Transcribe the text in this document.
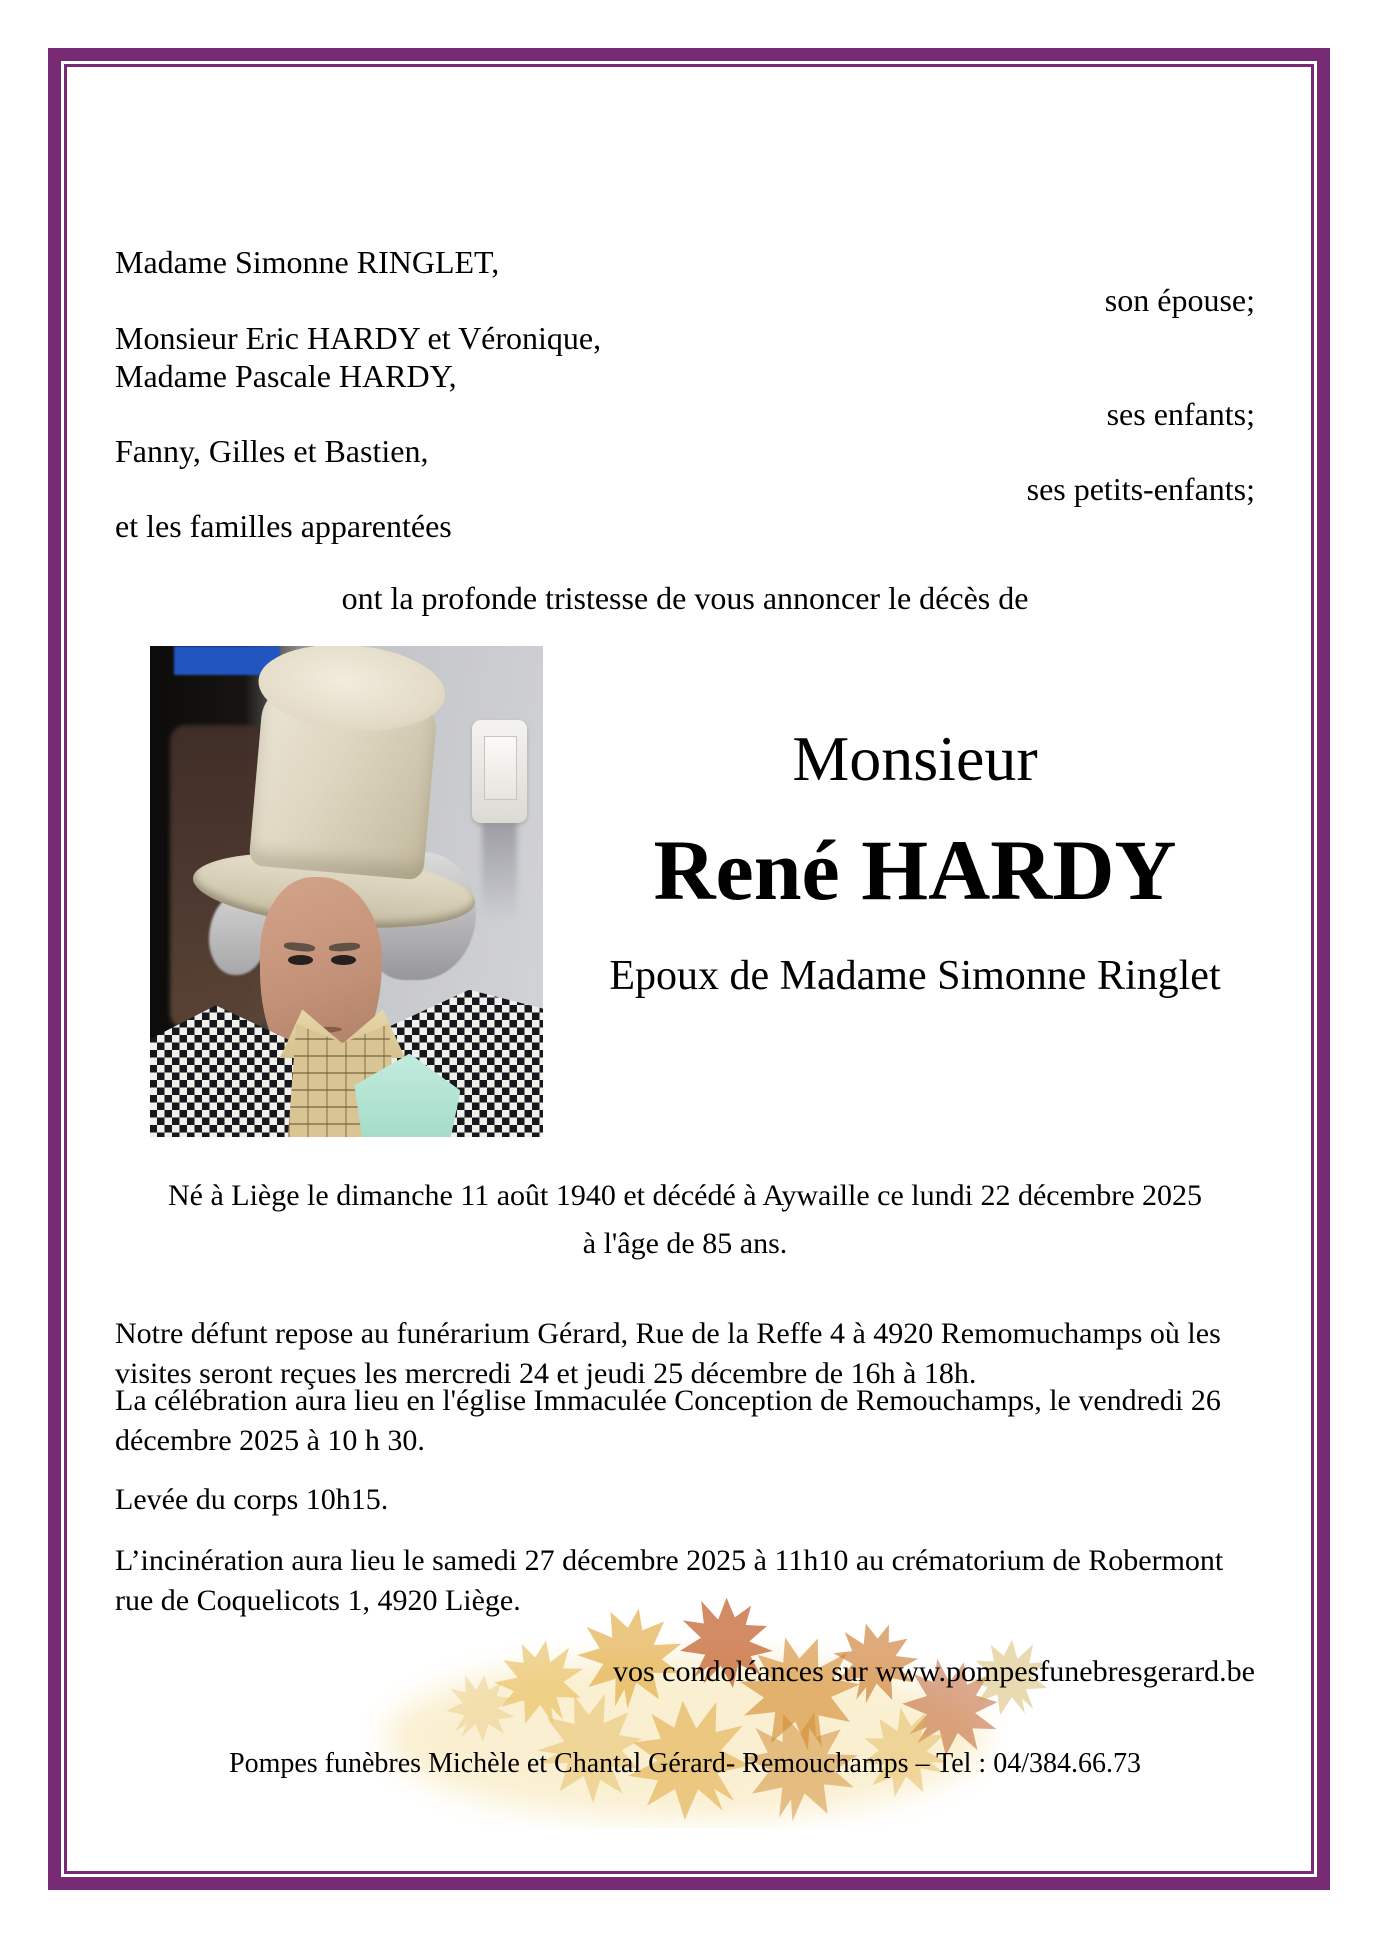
Madame Simonne RINGLET,
son épouse;
Monsieur Eric HARDY et Véronique,
Madame Pascale HARDY,
ses enfants;
Fanny, Gilles et Bastien,
ses petits-enfants;
et les familles apparentées
ont la profonde tristesse de vous annoncer le décès de
Monsieur
René HARDY
Epoux de Madame Simonne Ringlet
Né à Liège le dimanche 11 août 1940 et décédé à Aywaille ce lundi 22 décembre 2025
à l'âge de 85 ans.
Notre défunt repose au funérarium Gérard, Rue de la Reffe 4 à 4920 Remomuchamps où les visites seront reçues les mercredi 24 et jeudi 25 décembre de 16h à 18h.
La célébration aura lieu en l'église Immaculée Conception de Remouchamps, le vendredi 26 décembre 2025 à 10 h 30.
Levée du corps 10h15.
L’incinération aura lieu le samedi 27 décembre 2025 à 11h10 au crématorium de Robermont rue de Coquelicots 1, 4920 Liège.
vos condoléances sur www.pompesfunebresgerard.be
Pompes funèbres Michèle et Chantal Gérard- Remouchamps – Tel : 04/384.66.73
